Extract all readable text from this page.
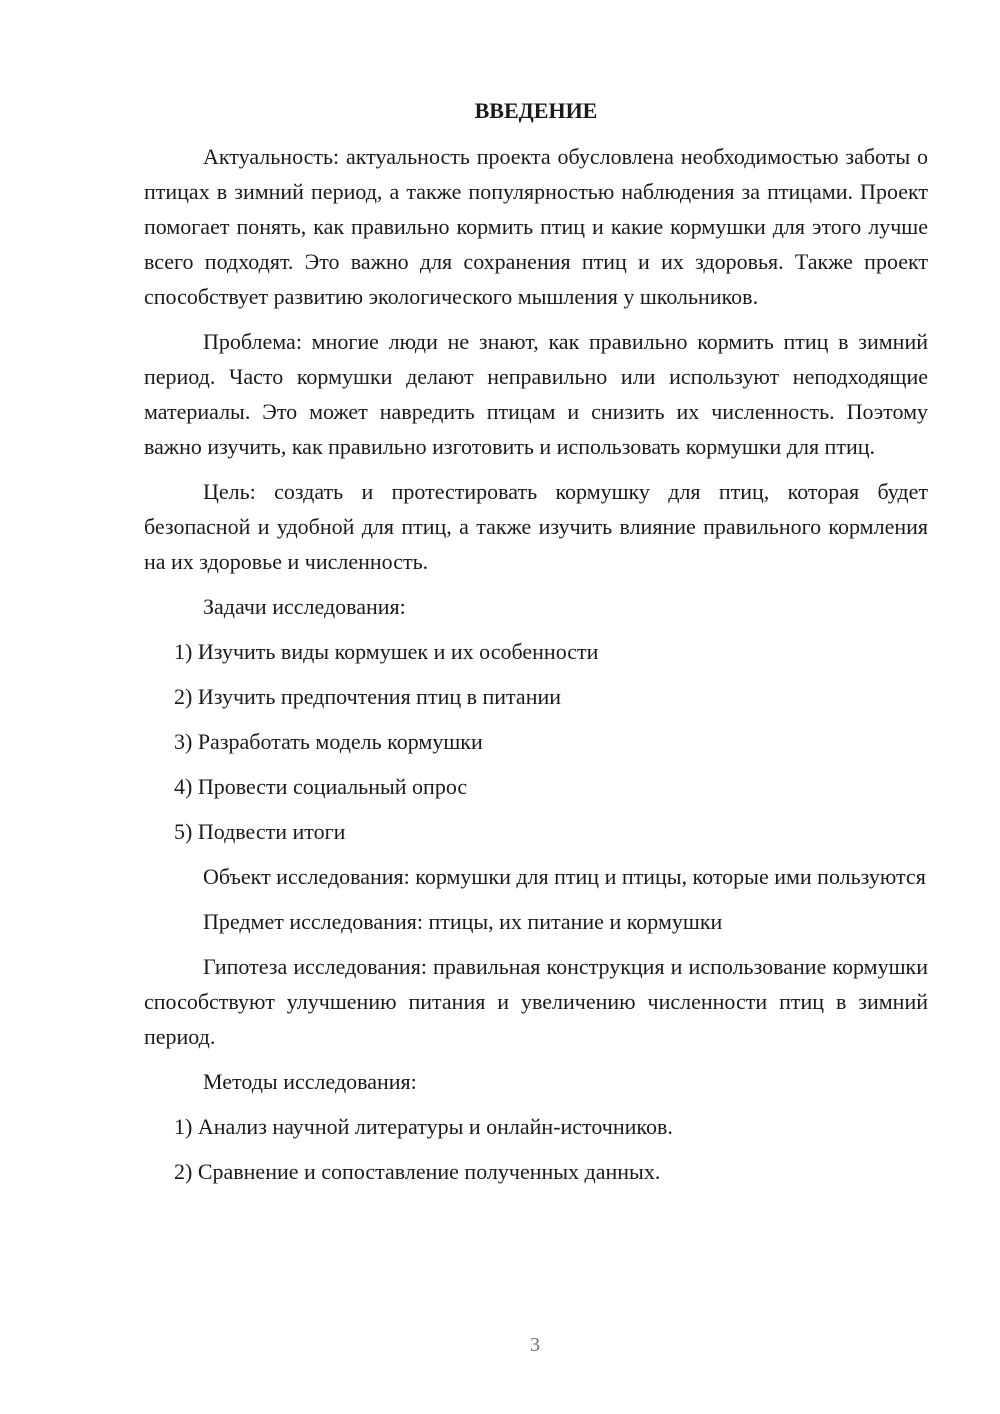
ВВЕДЕНИЕ

Актуальность: актуальность проекта обусловлена необходимостью заботы о птицах в зимний период, а также популярностью наблюдения за птицами. Проект помогает понять, как правильно кормить птиц и какие кормушки для этого лучше всего подходят. Это важно для сохранения птиц и их здоровья. Также проект способствует развитию экологического мышления у школьников.

Проблема: многие люди не знают, как правильно кормить птиц в зимний период. Часто кормушки делают неправильно или используют неподходящие материалы. Это может навредить птицам и снизить их численность. Поэтому важно изучить, как правильно изготовить и использовать кормушки для птиц.

Цель: создать и протестировать кормушку для птиц, которая будет безопасной и удобной для птиц, а также изучить влияние правильного кормления на их здоровье и численность.

Задачи исследования:

1) Изучить виды кормушек и их особенности
2) Изучить предпочтения птиц в питании
3) Разработать модель кормушки
4) Провести социальный опрос
5) Подвести итоги

Объект исследования: кормушки для птиц и птицы, которые ими пользуются

Предмет исследования: птицы, их питание и кормушки

Гипотеза исследования: правильная конструкция и использование кормушки способствуют улучшению питания и увеличению численности птиц в зимний период.

Методы исследования:

1) Анализ научной литературы и онлайн-источников.
2) Сравнение и сопоставление полученных данных.
3
